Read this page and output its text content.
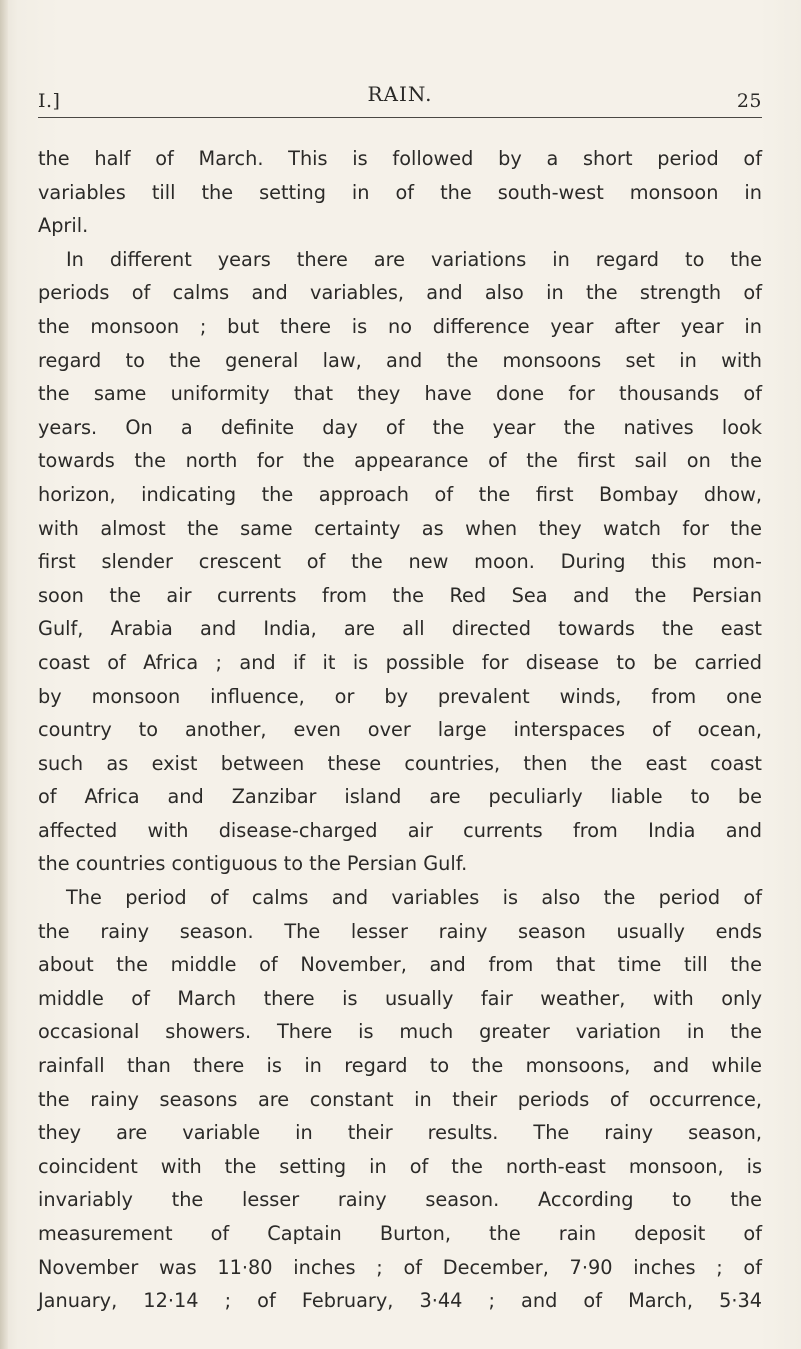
I.]	RAIN.	25
the half of March. This is followed by a short period of
variables till the setting in of the south-west monsoon in
April.
In different years there are variations in regard to the
periods of calms and variables, and also in the strength of
the monsoon ; but there is no difference year after year in
regard to the general law, and the monsoons set in with
the same uniformity that they have done for thousands of
years. On a definite day of the year the natives look
towards the north for the appearance of the first sail on the
horizon, indicating the approach of the first Bombay dhow,
with almost the same certainty as when they watch for the
first slender crescent of the new moon. During this mon-
soon the air currents from the Red Sea and the Persian
Gulf, Arabia and India, are all directed towards the east
coast of Africa ; and if it is possible for disease to be carried
by monsoon influence, or by prevalent winds, from one
country to another, even over large interspaces of ocean,
such as exist between these countries, then the east coast
of Africa and Zanzibar island are peculiarly liable to be
affected with disease-charged air currents from India and
the countries contiguous to the Persian Gulf.
The period of calms and variables is also the period of
the rainy season. The lesser rainy season usually ends
about the middle of November, and from that time till the
middle of March there is usually fair weather, with only
occasional showers. There is much greater variation in the
rainfall than there is in regard to the monsoons, and while
the rainy seasons are constant in their periods of occurrence,
they are variable in their results. The rainy season,
coincident with the setting in of the north-east monsoon, is
invariably the lesser rainy season. According to the
measurement of Captain Burton, the rain deposit of
November was 11·80 inches ; of December, 7·90 inches ; of
January, 12·14 ; of February, 3·44 ; and of March, 5·34
